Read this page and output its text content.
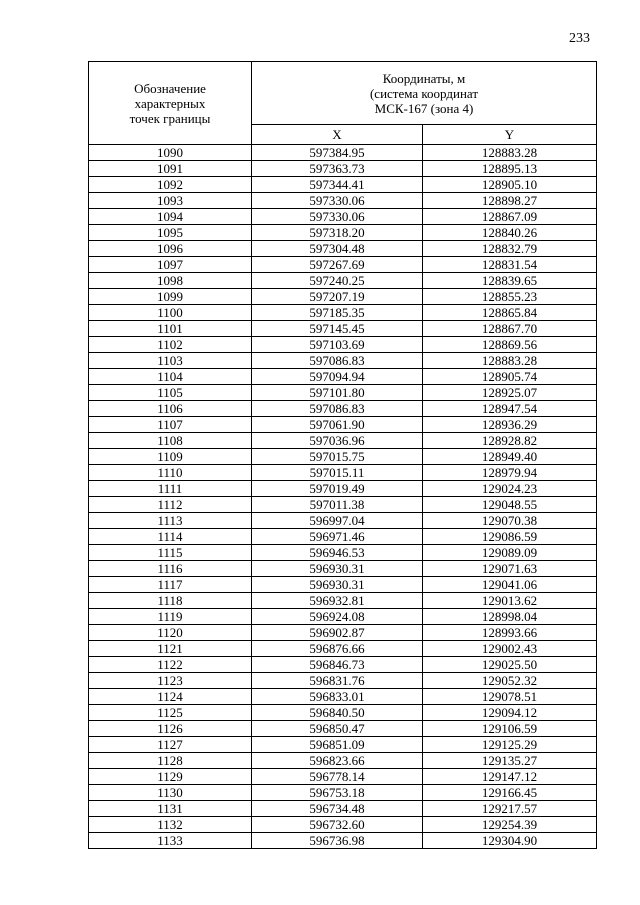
233
Обозначение
характерных
точек границы	Координаты, м
(система координат
МСК-167 (зона 4)	

	X	Y
1090	597384.95	128883.28
1091	597363.73	128895.13
1092	597344.41	128905.10
1093	597330.06	128898.27
1094	597330.06	128867.09
1095	597318.20	128840.26
1096	597304.48	128832.79
1097	597267.69	128831.54
1098	597240.25	128839.65
1099	597207.19	128855.23
1100	597185.35	128865.84
1101	597145.45	128867.70
1102	597103.69	128869.56
1103	597086.83	128883.28
1104	597094.94	128905.74
1105	597101.80	128925.07
1106	597086.83	128947.54
1107	597061.90	128936.29
1108	597036.96	128928.82
1109	597015.75	128949.40
1110	597015.11	128979.94
1111	597019.49	129024.23
1112	597011.38	129048.55
1113	596997.04	129070.38
1114	596971.46	129086.59
1115	596946.53	129089.09
1116	596930.31	129071.63
1117	596930.31	129041.06
1118	596932.81	129013.62
1119	596924.08	128998.04
1120	596902.87	128993.66
1121	596876.66	129002.43
1122	596846.73	129025.50
1123	596831.76	129052.32
1124	596833.01	129078.51
1125	596840.50	129094.12
1126	596850.47	129106.59
1127	596851.09	129125.29
1128	596823.66	129135.27
1129	596778.14	129147.12
1130	596753.18	129166.45
1131	596734.48	129217.57
1132	596732.60	129254.39
1133	596736.98	129304.90
